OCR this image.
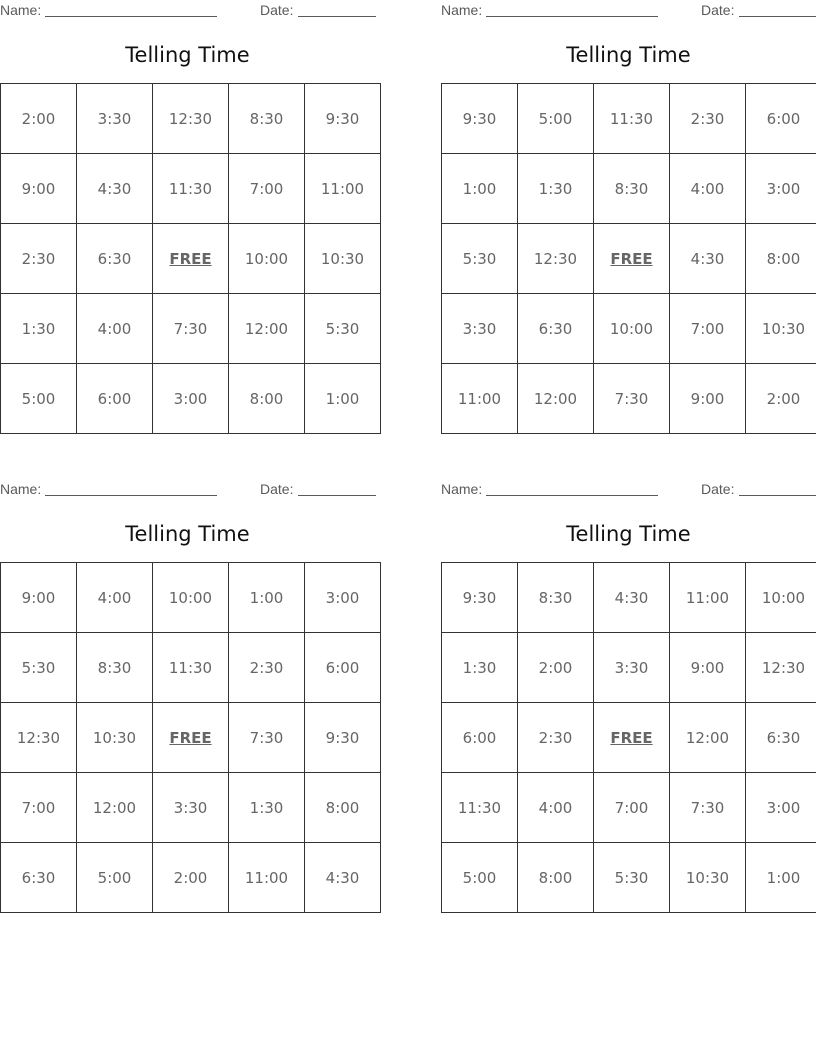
Name:	Date:
Telling Time
2:00	3:30	12:30	8:30	9:30
9:00	4:30	11:30	7:00	11:00
2:30	6:30	FREE	10:00	10:30
1:30	4:00	7:30	12:00	5:30
5:00	6:00	3:00	8:00	1:00
Name:	Date:
Telling Time
9:30	5:00	11:30	2:30	6:00
1:00	1:30	8:30	4:00	3:00
5:30	12:30	FREE	4:30	8:00
3:30	6:30	10:00	7:00	10:30
11:00	12:00	7:30	9:00	2:00
Name:	Date:
Telling Time
9:00	4:00	10:00	1:00	3:00
5:30	8:30	11:30	2:30	6:00
12:30	10:30	FREE	7:30	9:30
7:00	12:00	3:30	1:30	8:00
6:30	5:00	2:00	11:00	4:30
Name:	Date:
Telling Time
9:30	8:30	4:30	11:00	10:00
1:30	2:00	3:30	9:00	12:30
6:00	2:30	FREE	12:00	6:30
11:30	4:00	7:00	7:30	3:00
5:00	8:00	5:30	10:30	1:00
